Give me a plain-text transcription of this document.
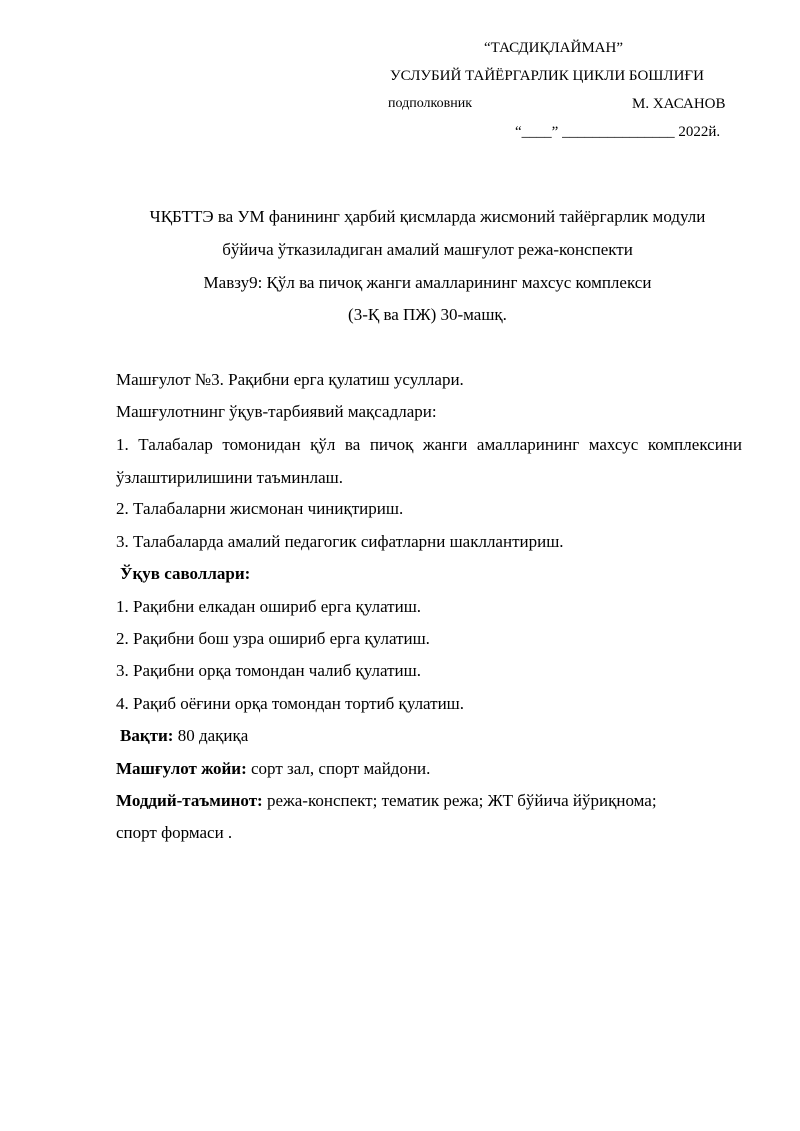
“ТАСДИҚЛАЙМАН”
УСЛУБИЙ ТАЙЁРГАРЛИК ЦИКЛИ БОШЛИҒИ
подполковник	М. ХАСАНОВ
“____” _______________ 2022й.
ЧҚБТТЭ ва УМ фанининг ҳарбий қисмларда жисмоний тайёргарлик модули
бўйича ўтказиладиган амалий машғулот режа-конспекти
Мавзу9: Қўл ва пичоқ жанги амалларининг махсус комплекси
(3-Қ ва ПЖ) 30-машқ.
Машғулот №3. Рақибни ерга қулатиш усуллари.
Машғулотнинг ўқув-тарбиявий мақсадлари:
1. Талабалар томонидан қўл ва пичоқ жанги амалларининг махсус комплексини ўзлаштирилишини таъминлаш.
2. Талабаларни жисмонан чиниқтириш.
3. Талабаларда амалий педагогик сифатларни шакллантириш.
Ўқув саволлари:
1. Рақибни елкадан ошириб ерга қулатиш.
2. Рақибни бош узра ошириб ерга қулатиш.
3. Рақибни орқа томондан чалиб қулатиш.
4. Рақиб оёғини орқа томондан тортиб қулатиш.
Вақти: 80 дақиқа
Машғулот жойи: сорт зал, спорт майдони.
Моддий-таъминот: режа-конспект; тематик режа; ЖТ бўйича йўриқнома;
спорт формаси .
